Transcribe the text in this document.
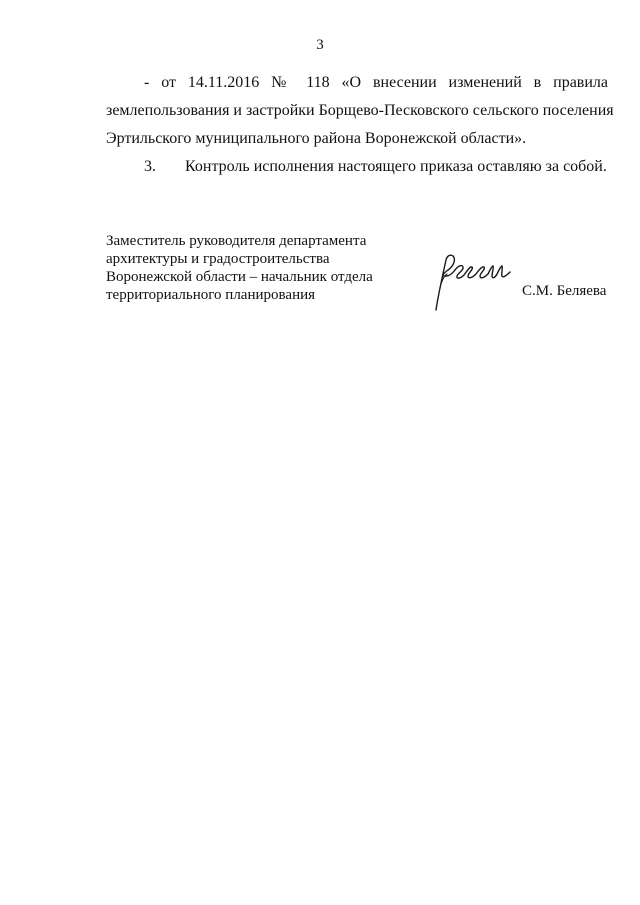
3
- от 14.11.2016 № 118 «О внесении изменений в правила
землепользования и застройки Борщево-Песковского сельского поселения
Эртильского муниципального района Воронежской области».
3. Контроль исполнения настоящего приказа оставляю за собой.
Заместитель руководителя департамента
архитектуры и градостроительства
Воронежской области – начальник отдела
территориального планирования	С.М. Беляева
